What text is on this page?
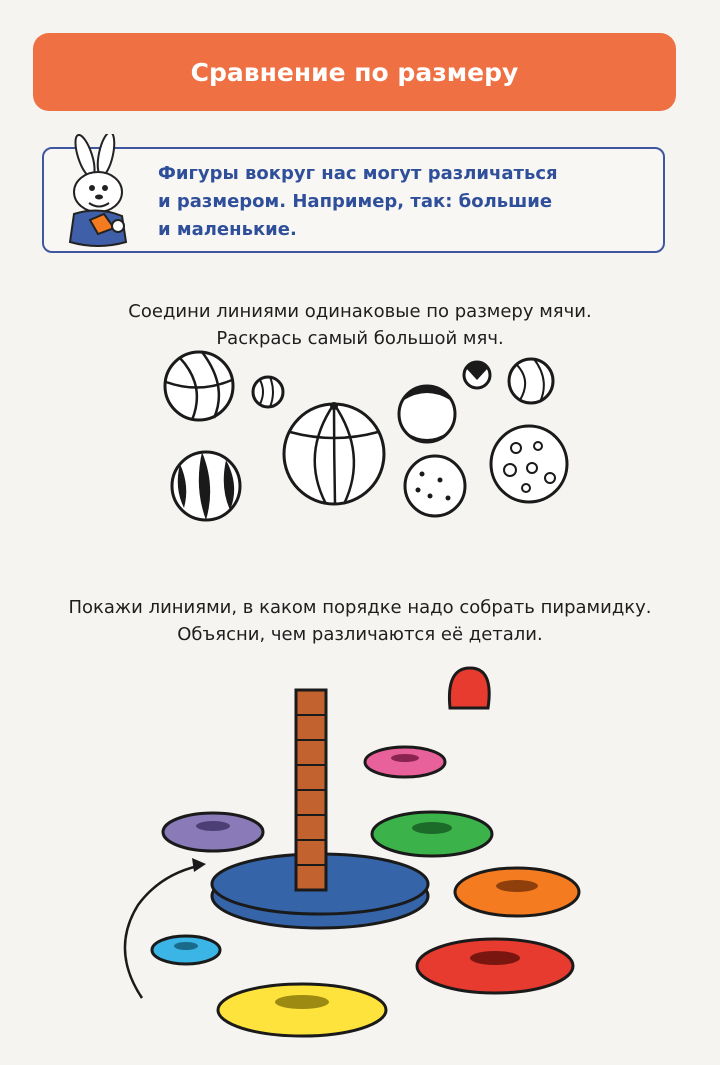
Сравнение по размеру
Фигуры вокруг нас могут различаться
и размером. Например, так: большие
и маленькие.
Соедини линиями одинаковые по размеру мячи.
Раскрась самый большой мяч.
Покажи линиями, в каком порядке надо собрать пирамидку.
Объясни, чем различаются её детали.
